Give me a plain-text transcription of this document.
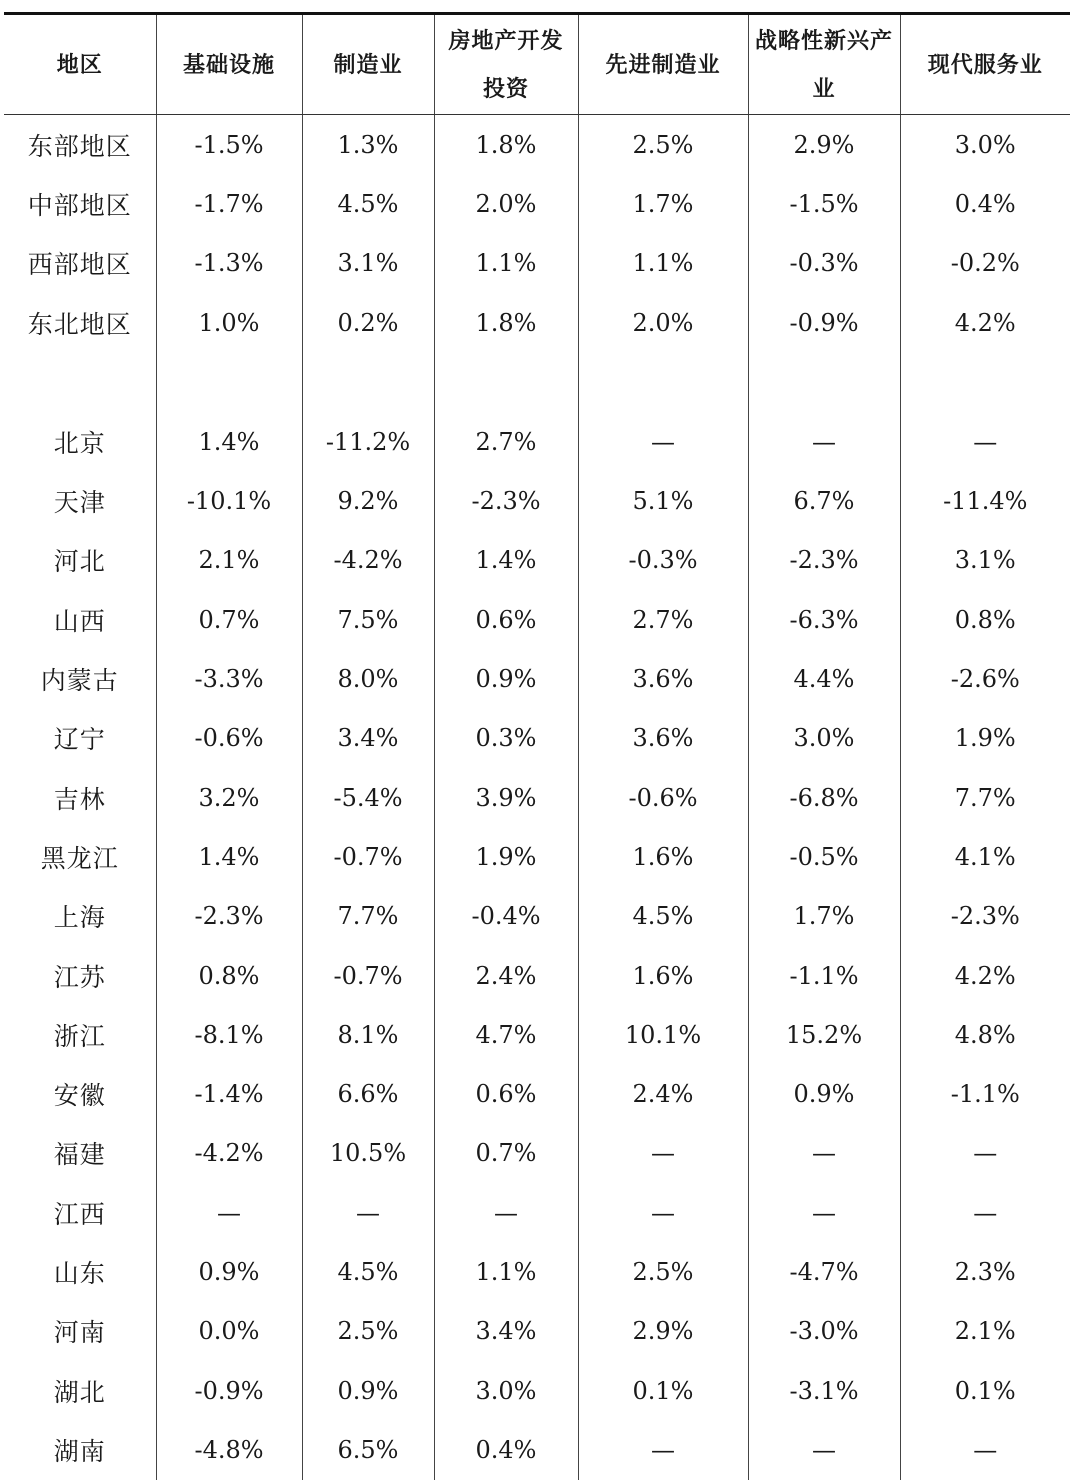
地区	基础设施	制造业	房地产开发投资	先进制造业	战略性新兴产业	现代服务业
东部地区	-1.5%	1.3%	1.8%	2.5%	2.9%	3.0%
中部地区	-1.7%	4.5%	2.0%	1.7%	-1.5%	0.4%
西部地区	-1.3%	3.1%	1.1%	1.1%	-0.3%	-0.2%
东北地区	1.0%	0.2%	1.8%	2.0%	-0.9%	4.2%

北京	1.4%	-11.2%	2.7%	—	—	—
天津	-10.1%	9.2%	-2.3%	5.1%	6.7%	-11.4%
河北	2.1%	-4.2%	1.4%	-0.3%	-2.3%	3.1%
山西	0.7%	7.5%	0.6%	2.7%	-6.3%	0.8%
内蒙古	-3.3%	8.0%	0.9%	3.6%	4.4%	-2.6%
辽宁	-0.6%	3.4%	0.3%	3.6%	3.0%	1.9%
吉林	3.2%	-5.4%	3.9%	-0.6%	-6.8%	7.7%
黑龙江	1.4%	-0.7%	1.9%	1.6%	-0.5%	4.1%
上海	-2.3%	7.7%	-0.4%	4.5%	1.7%	-2.3%
江苏	0.8%	-0.7%	2.4%	1.6%	-1.1%	4.2%
浙江	-8.1%	8.1%	4.7%	10.1%	15.2%	4.8%
安徽	-1.4%	6.6%	0.6%	2.4%	0.9%	-1.1%
福建	-4.2%	10.5%	0.7%	—	—	—
江西	—	—	—	—	—	—
山东	0.9%	4.5%	1.1%	2.5%	-4.7%	2.3%
河南	0.0%	2.5%	3.4%	2.9%	-3.0%	2.1%
湖北	-0.9%	0.9%	3.0%	0.1%	-3.1%	0.1%
湖南	-4.8%	6.5%	0.4%	—	—	—
